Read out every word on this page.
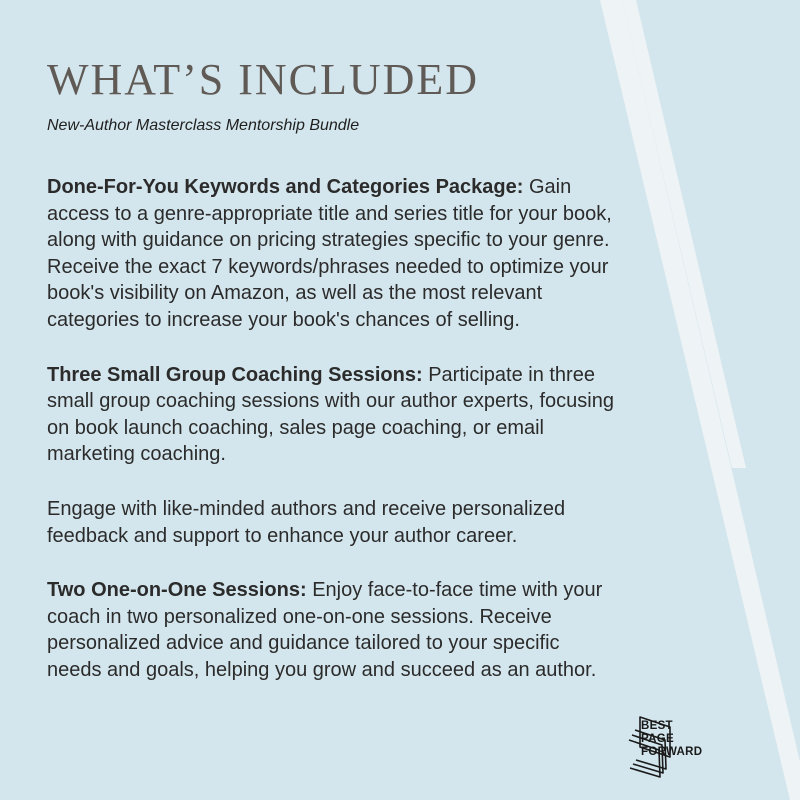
WHAT’S INCLUDED

New-Author Masterclass Mentorship Bundle

Done-For-You Keywords and Categories Package: Gain access to a genre-appropriate title and series title for your book, along with guidance on pricing strategies specific to your genre. Receive the exact 7 keywords/phrases needed to optimize your book's visibility on Amazon, as well as the most relevant categories to increase your book's chances of selling.

Three Small Group Coaching Sessions: Participate in three small group coaching sessions with our author experts, focusing on book launch coaching, sales page coaching, or email marketing coaching.

Engage with like-minded authors and receive personalized feedback and support to enhance your author career.

Two One-on-One Sessions: Enjoy face-to-face time with your coach in two personalized one-on-one sessions. Receive personalized advice and guidance tailored to your specific needs and goals, helping you grow and succeed as an author.

BEST
PAGE
FORWARD
